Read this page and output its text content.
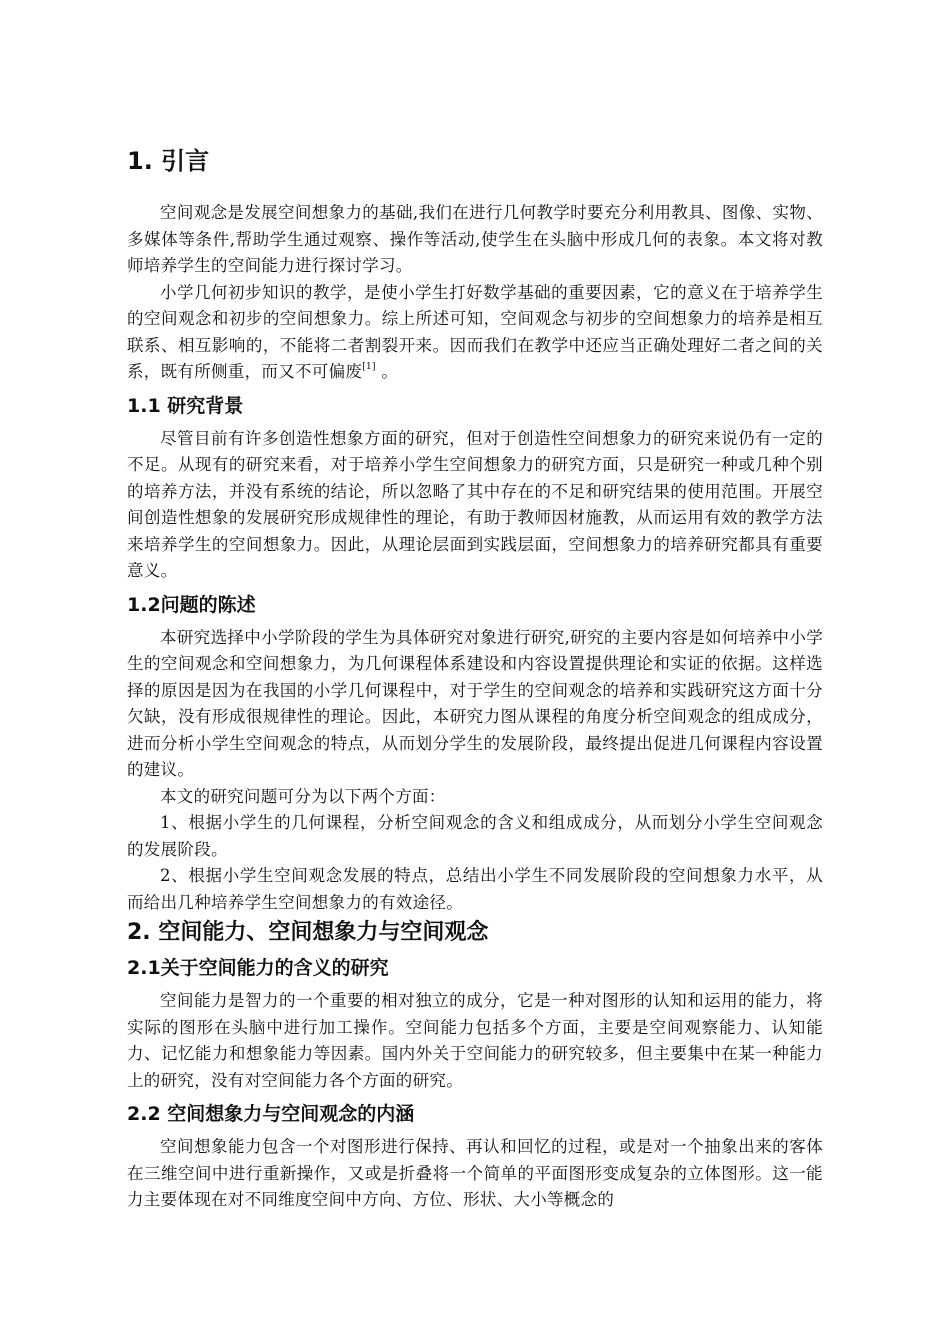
1. 引言

空间观念是发展空间想象力的基础,我们在进行几何教学时要充分利用教具、图像、实物、多媒体等条件,帮助学生通过观察、操作等活动,使学生在头脑中形成几何的表象。本文将对教师培养学生的空间能力进行探讨学习。

小学几何初步知识的教学，是使小学生打好数学基础的重要因素，它的意义在于培养学生的空间观念和初步的空间想象力。综上所述可知，空间观念与初步的空间想象力的培养是相互联系、相互影响的，不能将二者割裂开来。因而我们在教学中还应当正确处理好二者之间的关系，既有所侧重，而又不可偏废[1] 。

1.1 研究背景

尽管目前有许多创造性想象方面的研究，但对于创造性空间想象力的研究来说仍有一定的不足。从现有的研究来看，对于培养小学生空间想象力的研究方面，只是研究一种或几种个别的培养方法，并没有系统的结论，所以忽略了其中存在的不足和研究结果的使用范围。开展空间创造性想象的发展研究形成规律性的理论，有助于教师因材施教，从而运用有效的教学方法来培养学生的空间想象力。因此，从理论层面到实践层面，空间想象力的培养研究都具有重要意义。

1.2问题的陈述

本研究选择中小学阶段的学生为具体研究对象进行研究,研究的主要内容是如何培养中小学生的空间观念和空间想象力，为几何课程体系建设和内容设置提供理论和实证的依据。这样选择的原因是因为在我国的小学几何课程中，对于学生的空间观念的培养和实践研究这方面十分欠缺，没有形成很规律性的理论。因此，本研究力图从课程的角度分析空间观念的组成成分，进而分析小学生空间观念的特点，从而划分学生的发展阶段，最终提出促进几何课程内容设置的建议。

本文的研究问题可分为以下两个方面：

1、根据小学生的几何课程，分析空间观念的含义和组成成分，从而划分小学生空间观念的发展阶段。

2、根据小学生空间观念发展的特点，总结出小学生不同发展阶段的空间想象力水平，从而给出几种培养学生空间想象力的有效途径。

2. 空间能力、空间想象力与空间观念
2.1关于空间能力的含义的研究

空间能力是智力的一个重要的相对独立的成分，它是一种对图形的认知和运用的能力，将实际的图形在头脑中进行加工操作。空间能力包括多个方面，主要是空间观察能力、认知能力、记忆能力和想象能力等因素。国内外关于空间能力的研究较多，但主要集中在某一种能力上的研究，没有对空间能力各个方面的研究。

2.2 空间想象力与空间观念的内涵

空间想象能力包含一个对图形进行保持、再认和回忆的过程，或是对一个抽象出来的客体在三维空间中进行重新操作，又或是折叠将一个简单的平面图形变成复杂的立体图形。这一能力主要体现在对不同维度空间中方向、方位、形状、大小等概念的
